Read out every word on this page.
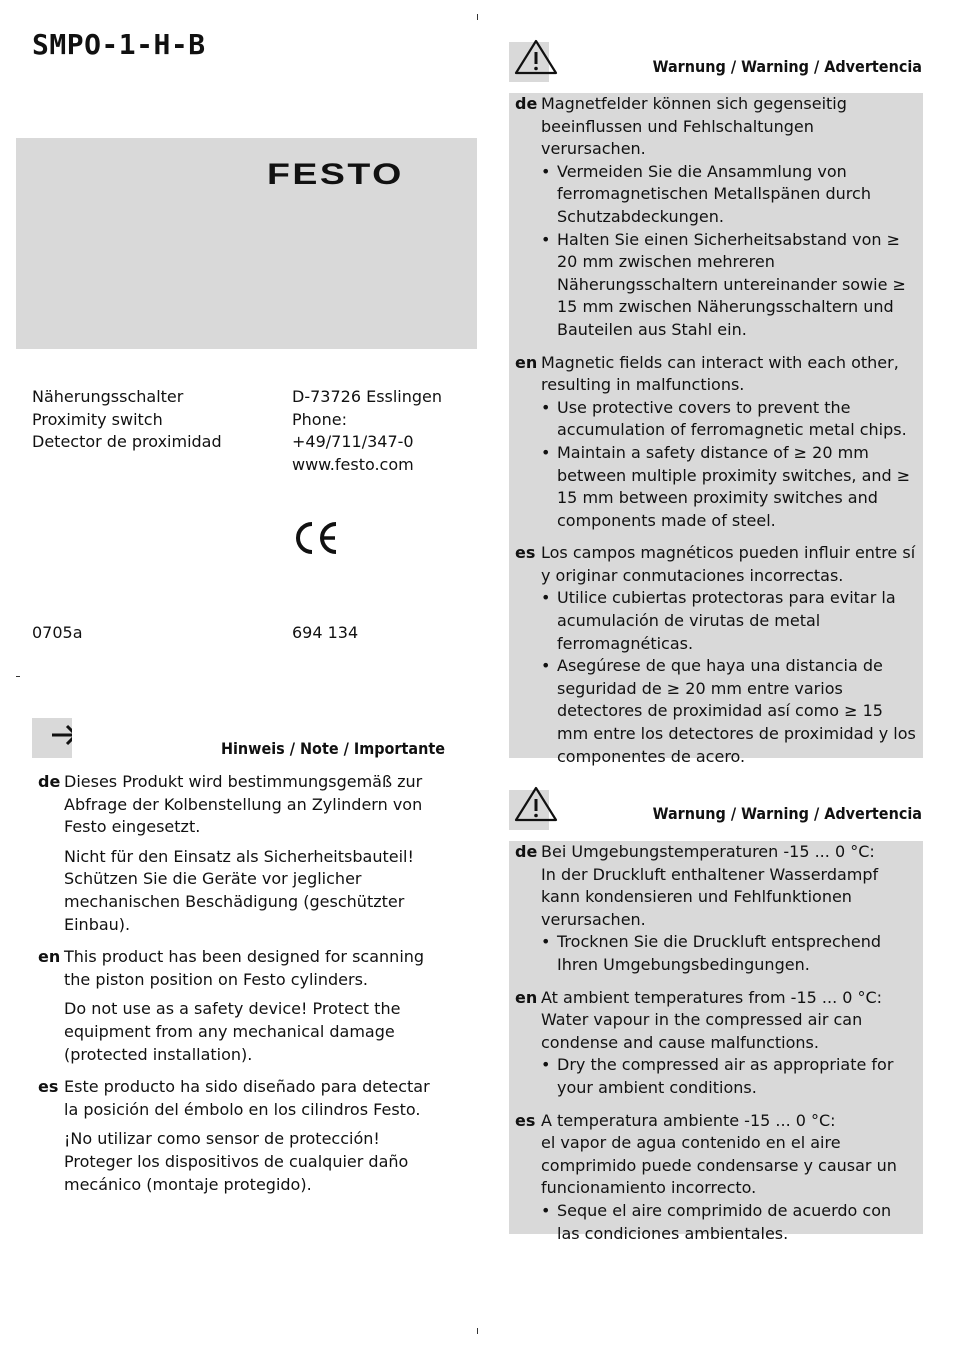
SMPO-1-H-B
FESTO
Näherungsschalter
Proximity switch
Detector de proximidad
D-73726 Esslingen
Phone:
+49/711/347-0
www.festo.com
0705a	694 134
Hinweis / Note / Importante
de Dieses Produkt wird bestimmungsgemäß zur Abfrage der Kolbenstellung an Zylindern von Festo eingesetzt.

Nicht für den Einsatz als Sicherheitsbauteil! Schützen Sie die Geräte vor jeglicher mechanischen Beschädigung (geschützter Einbau).

en This product has been designed for scanning the piston position on Festo cylinders.

Do not use as a safety device! Protect the equipment from any mechanical damage (protected installation).

es Este producto ha sido diseñado para detectar la posición del émbolo en los cilindros Festo.

¡No utilizar como sensor de protección! Proteger los dispositivos de cualquier daño mecánico (montaje protegido).

Warnung / Warning / Advertencia
de Magnetfelder können sich gegenseitig beeinflussen und Fehlschaltungen verursachen.

• Vermeiden Sie die Ansammlung von ferromagnetischen Metallspänen durch Schutzabdeckungen.
• Halten Sie einen Sicherheitsabstand von ≥ 20 mm zwischen mehreren Näherungsschaltern untereinander sowie ≥ 15 mm zwischen Näherungsschaltern und Bauteilen aus Stahl ein.
en Magnetic fields can interact with each other, resulting in malfunctions.

• Use protective covers to prevent the accumulation of ferromagnetic metal chips.
• Maintain a safety distance of ≥ 20 mm between multiple proximity switches, and ≥ 15 mm between proximity switches and components made of steel.
es Los campos magnéticos pueden influir entre sí y originar conmutaciones incorrectas.

• Utilice cubiertas protectoras para evitar la acumulación de virutas de metal ferromagnéticas.
• Asegúrese de que haya una distancia de seguridad de ≥ 20 mm entre varios detectores de proximidad así como ≥ 15 mm entre los detectores de proximidad y los componentes de acero.
Warnung / Warning / Advertencia
de Bei Umgebungstemperaturen -15 ... 0 °C:

In der Druckluft enthaltener Wasserdampf kann kondensieren und Fehlfunktionen verursachen.

• Trocknen Sie die Druckluft entsprechend Ihren Umgebungsbedingungen.
en At ambient temperatures from -15 ... 0 °C:

Water vapour in the compressed air can condense and cause malfunctions.

• Dry the compressed air as appropriate for your ambient conditions.
es A temperatura ambiente -15 ... 0 °C:

el vapor de agua contenido en el aire comprimido puede condensarse y causar un funcionamiento incorrecto.

• Seque el aire comprimido de acuerdo con las condiciones ambientales.
